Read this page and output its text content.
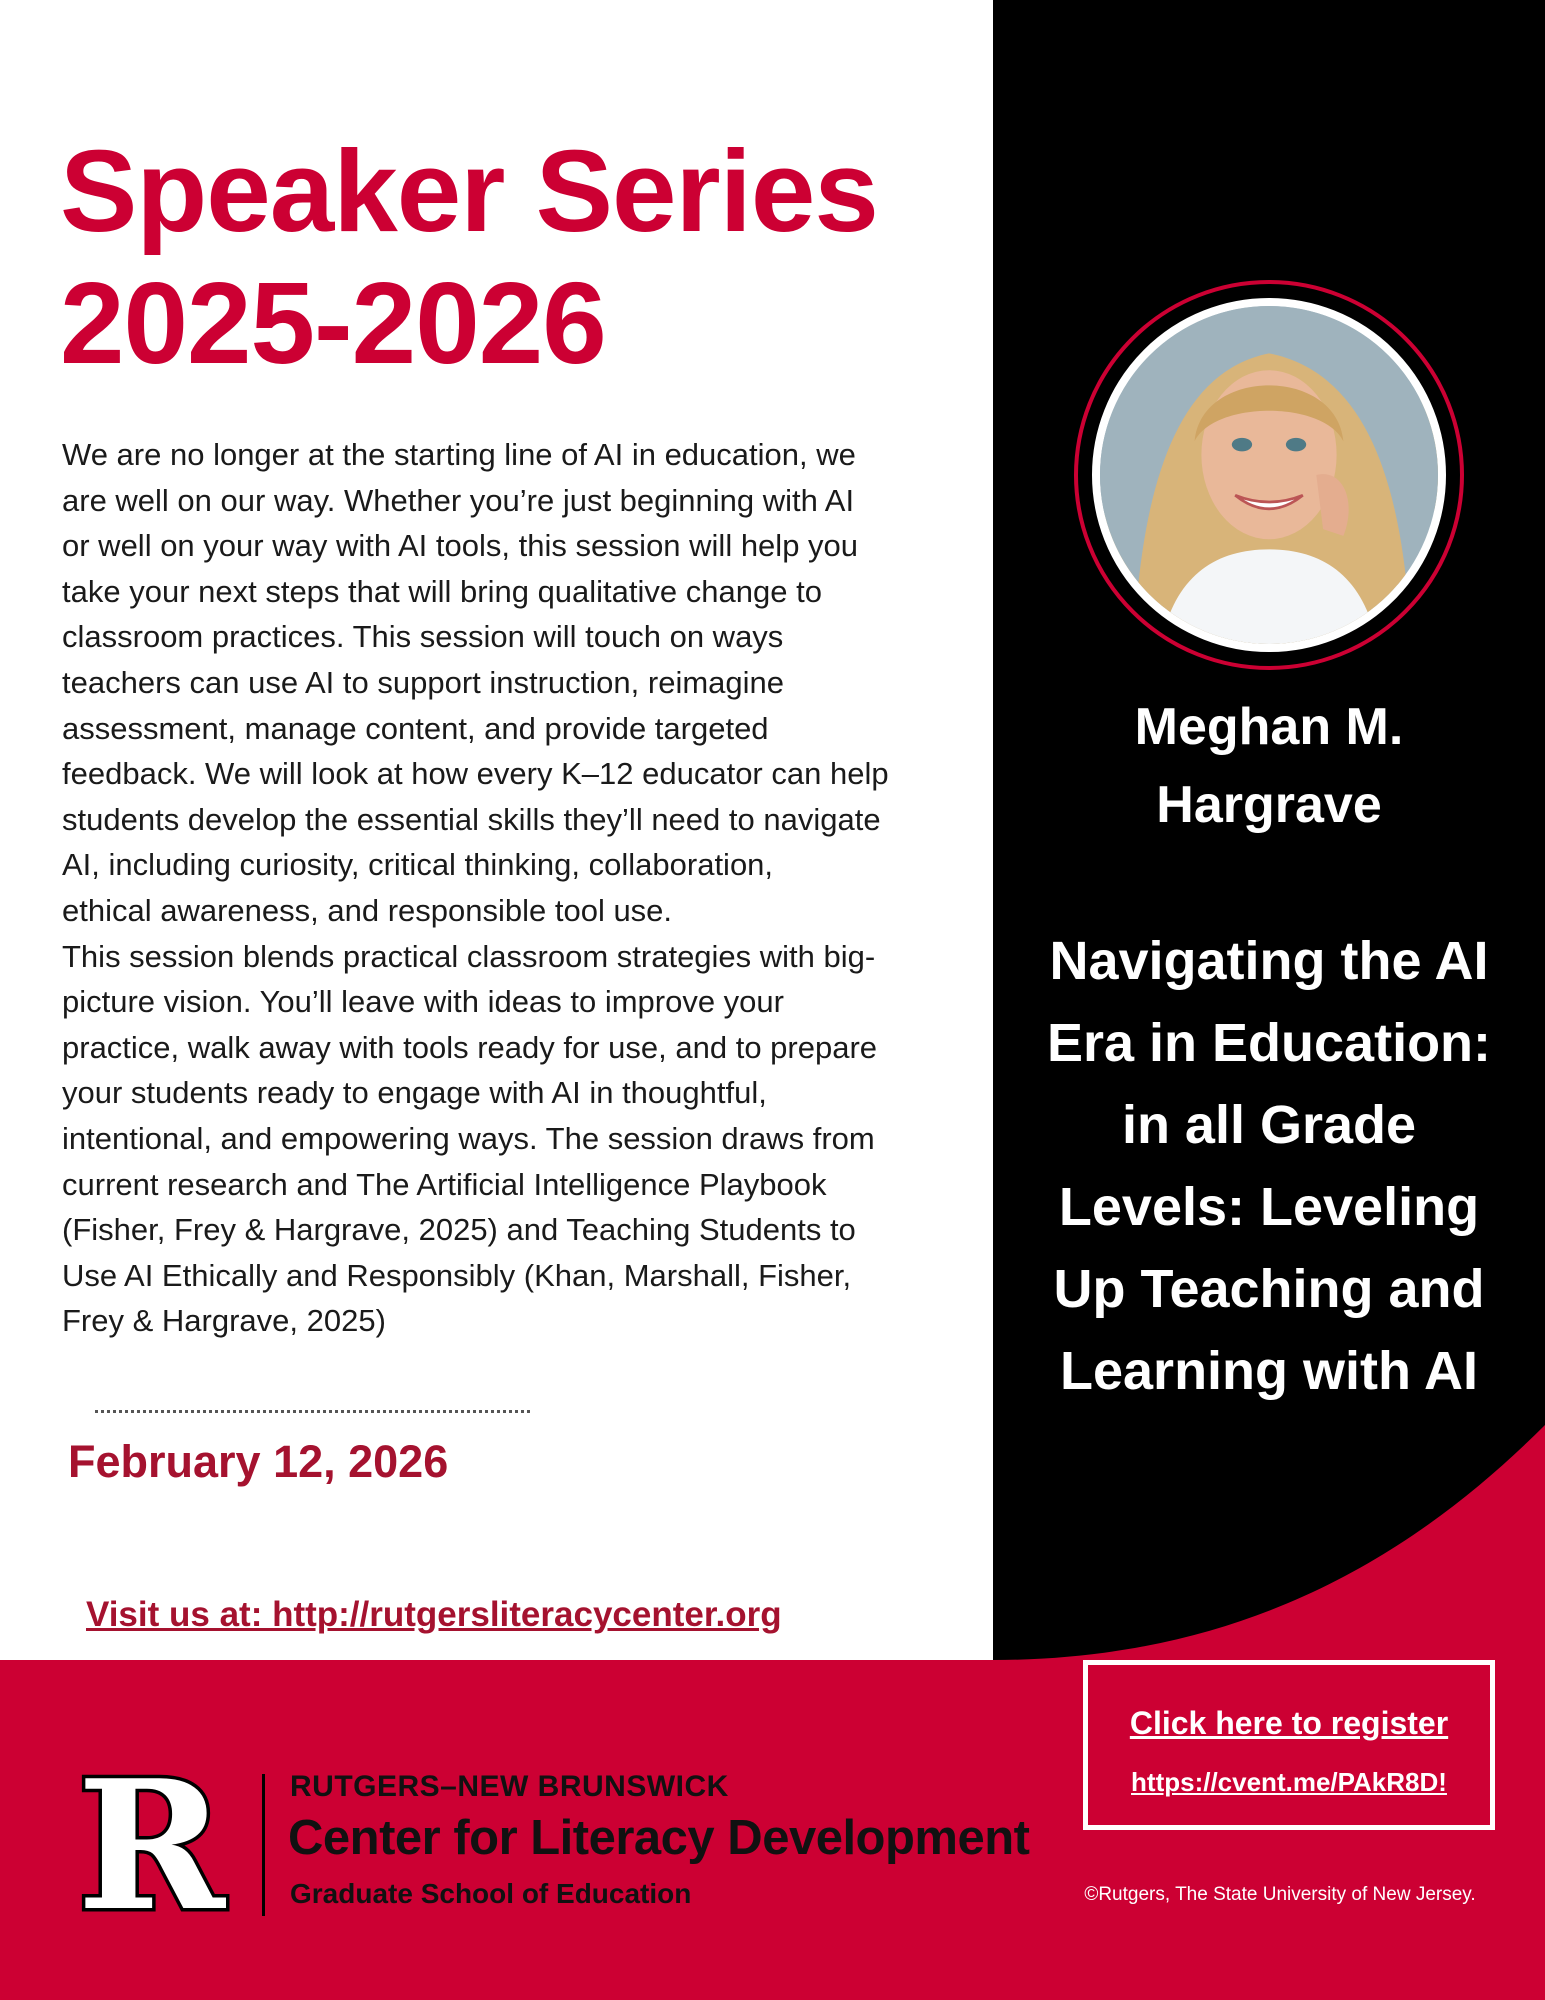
Speaker Series
2025-2026

We are no longer at the starting line of AI in education, we
are well on our way. Whether you’re just beginning with AI
or well on your way with AI tools, this session will help you
take your next steps that will bring qualitative change to
classroom practices. This session will touch on ways
teachers can use AI to support instruction, reimagine
assessment, manage content, and provide targeted
feedback. We will look at how every K–12 educator can help
students develop the essential skills they’ll need to navigate
AI, including curiosity, critical thinking, collaboration,
ethical awareness, and responsible tool use.

This session blends practical classroom strategies with big-
picture vision. You’ll leave with ideas to improve your
practice, walk away with tools ready for use, and to prepare
your students ready to engage with AI in thoughtful,
intentional, and empowering ways. The session draws from
current research and The Artificial Intelligence Playbook
(Fisher, Frey & Hargrave, 2025) and Teaching Students to
Use AI Ethically and Responsibly (Khan, Marshall, Fisher,
Frey & Hargrave, 2025)

February 12, 2026
Visit us at: http://rutgersliteracycenter.org
Meghan M.
Hargrave
Navigating the AI
Era in Education:
in all Grade
Levels: Leveling
Up Teaching and
Learning with AI
Click here to register
https://cvent.me/PAkR8D!
R RUTGERS–NEW BRUNSWICK
Center for Literacy Development
Graduate School of Education	©Rutgers, The State University of New Jersey.
